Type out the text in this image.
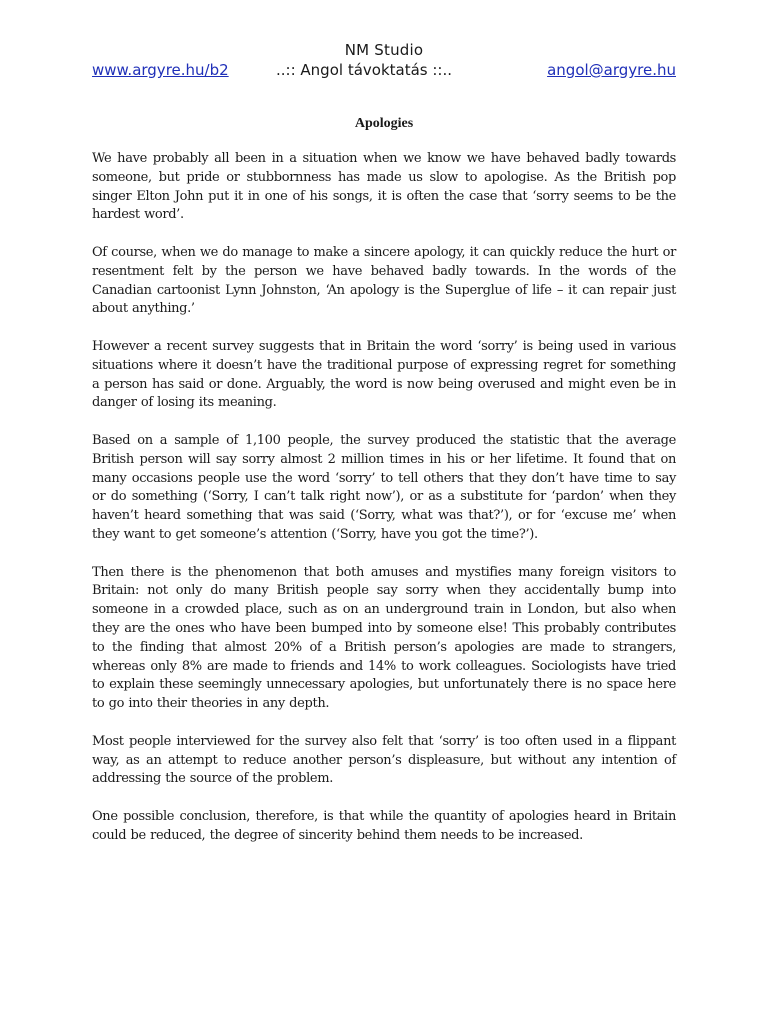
NM Studio
www.argyre.hu/b2	..:: Angol távoktatás ::..	angol@argyre.hu
Apologies

We have probably all been in a situation when we know we have behaved badly towards someone, but pride or stubbornness has made us slow to apologise. As the British pop singer Elton John put it in one of his songs, it is often the case that ‘sorry seems to be the hardest word’.

Of course, when we do manage to make a sincere apology, it can quickly reduce the hurt or resentment felt by the person we have behaved badly towards. In the words of the Canadian cartoonist Lynn Johnston, ‘An apology is the Superglue of life – it can repair just about anything.’

However a recent survey suggests that in Britain the word ‘sorry’ is being used in various situations where it doesn’t have the traditional purpose of expressing regret for something a person has said or done. Arguably, the word is now being overused and might even be in danger of losing its meaning.

Based on a sample of 1,100 people, the survey produced the statistic that the average British person will say sorry almost 2 million times in his or her lifetime. It found that on many occasions people use the word ‘sorry’ to tell others that they don’t have time to say or do something (‘Sorry, I can’t talk right now’), or as a substitute for ‘pardon’ when they haven’t heard something that was said (‘Sorry, what was that?’), or for ‘excuse me’ when they want to get someone’s attention (‘Sorry, have you got the time?’).

Then there is the phenomenon that both amuses and mystifies many foreign visitors to Britain: not only do many British people say sorry when they accidentally bump into someone in a crowded place, such as on an underground train in London, but also when they are the ones who have been bumped into by someone else! This probably contributes to the finding that almost 20% of a British person’s apologies are made to strangers, whereas only 8% are made to friends and 14% to work colleagues. Sociologists have tried to explain these seemingly unnecessary apologies, but unfortunately there is no space here to go into their theories in any depth.

Most people interviewed for the survey also felt that ‘sorry’ is too often used in a flippant way, as an attempt to reduce another person’s displeasure, but without any intention of addressing the source of the problem.

One possible conclusion, therefore, is that while the quantity of apologies heard in Britain could be reduced, the degree of sincerity behind them needs to be increased.
